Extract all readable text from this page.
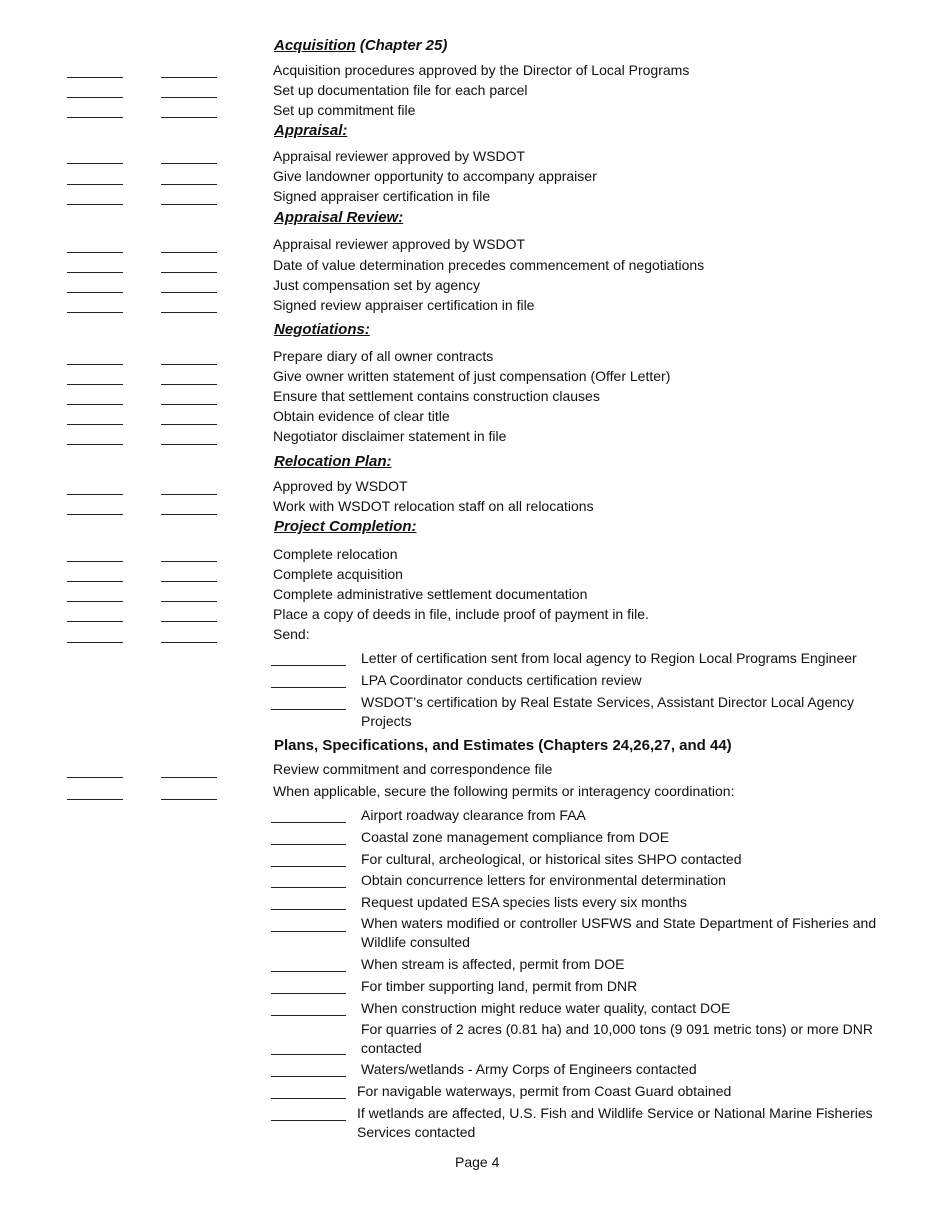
Acquisition (Chapter 25)
Acquisition procedures approved by the Director of Local Programs
Set up documentation file for each parcel
Set up commitment file
Appraisal:
Appraisal reviewer approved by WSDOT
Give landowner opportunity to accompany appraiser
Signed appraiser certification in file
Appraisal Review:
Appraisal reviewer approved by WSDOT
Date of value determination precedes commencement of negotiations
Just compensation set by agency
Signed review appraiser certification in file
Negotiations:
Prepare diary of all owner contracts
Give owner written statement of just compensation (Offer Letter)
Ensure that settlement contains construction clauses
Obtain evidence of clear title
Negotiator disclaimer statement in file
Relocation Plan:
Approved by WSDOT
Work with WSDOT relocation staff on all relocations
Project Completion:
Complete relocation
Complete acquisition
Complete administrative settlement documentation
Place a copy of deeds in file, include proof of payment in file.
Send:
Letter of certification sent from local agency to Region Local Programs Engineer
LPA Coordinator conducts certification review
WSDOT’s certification by Real Estate Services, Assistant Director Local Agency Projects
Plans, Specifications, and Estimates (Chapters 24,26,27, and 44)
Review commitment and correspondence file
When applicable, secure the following permits or interagency coordination:
Airport roadway clearance from FAA
Coastal zone management compliance from DOE
For cultural, archeological, or historical sites SHPO contacted
Obtain concurrence letters for environmental determination
Request updated ESA species lists every six months
When waters modified or controller USFWS and State Department of Fisheries and Wildlife consulted
When stream is affected, permit from DOE
For timber supporting land, permit from DNR
When construction might reduce water quality, contact DOE
For quarries of 2 acres (0.81 ha) and 10,000 tons (9 091 metric tons) or more DNR contacted
Waters/wetlands - Army Corps of Engineers contacted
For navigable waterways, permit from Coast Guard obtained
If wetlands are affected, U.S. Fish and Wildlife Service or National Marine Fisheries Services contacted
Page 4
